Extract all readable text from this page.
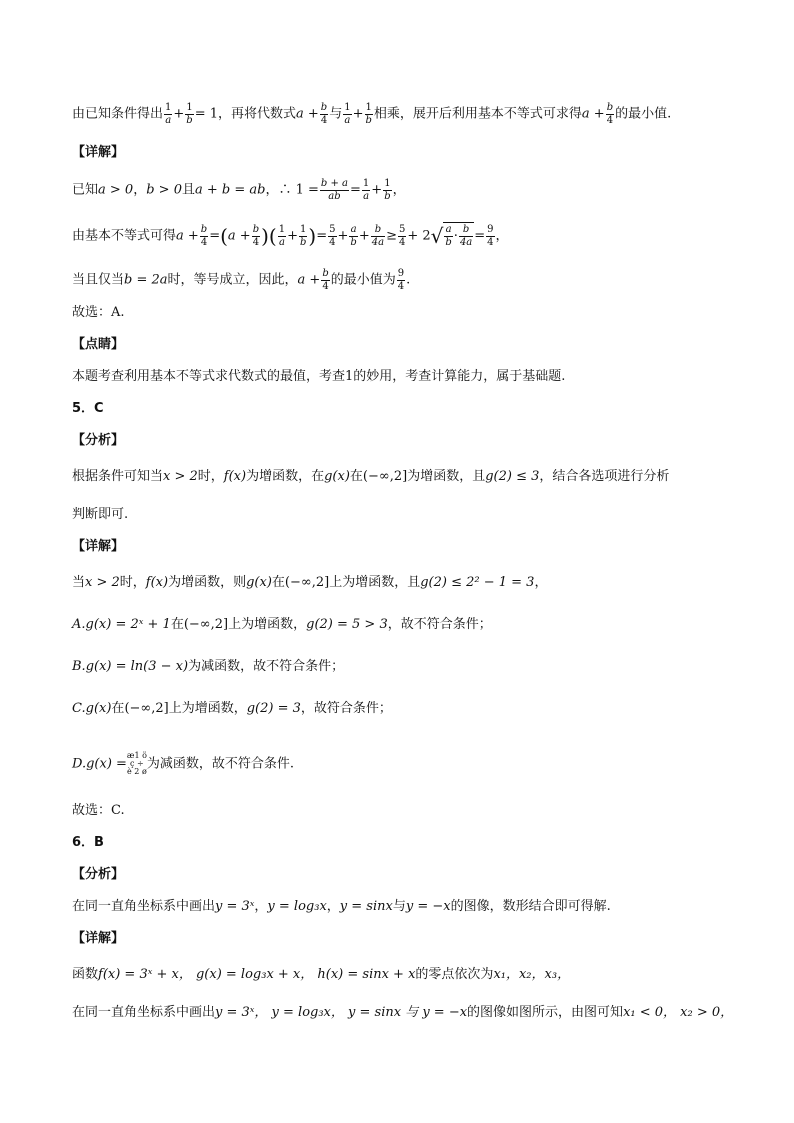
由已知条件得出 $\frac{1}{a} + \frac{1}{b} = 1$，再将代数式$a + \frac{b}{4}$ 与 $\frac{1}{a} + \frac{1}{b}$ 相乘，展开后利用基本不等式可求得$a + \frac{b}{4}$ 的最小值.
【详解】
已知a > 0，b > 0且a + b = ab，∴ $1 = \frac{b + a}{ab} = \frac{1}{a} + \frac{1}{b}$ ，
由基本不等式可得$a + \frac{b}{4} =(a + \frac{b}{4}$ )( $\frac{1}{a} + \frac{1}{b}$ )= $\frac{5}{4} + \frac{a}{b} + \frac{b}{4a} \ge \frac{5}{4} + 2√ \frac{a}{b} \cdot \frac{b}{4a} = \frac{9}{4}$ ，
当且仅当b = 2a时，等号成立，因此，$a + \frac{b}{4}$ 的最小值为 $\frac{9}{4}$ .
故选：A.
【点睛】
本题考查利用基本不等式求代数式的最值，考查1的妙用，考查计算能力，属于基础题.
5．C
【分析】
根据条件可知当x > 2时，f(x)为增函数，在g(x)在(−∞,2]为增函数，且g(2) ≤ 3，结合各选项进行分析
判断即可.
【详解】
当x > 2时，f(x)为增函数，则g(x)在(−∞,2]上为增函数，且g(2) ≤ 2² − 1 = 3，
A.g(x) = 2ˣ + 1在(−∞,2]上为增函数，g(2) = 5 > 3，故不符合条件；
B.g(x) = ln(3 − x)为减函数，故不符合条件；
C.g(x)在(−∞,2]上为增函数，g(2) = 3，故符合条件；
D.g(x) =
æ1 ö
ç ÷
è 2 ø 为减函数，故不符合条件.
故选：C.
6．B
【分析】
在同一直角坐标系中画出y = 3ˣ，y = log₃x，y = sinx与y = −x的图像，数形结合即可得解.
【详解】
函数f(x) = 3ˣ + x， g(x) = log₃x + x， h(x) = sinx + x的零点依次为x₁，x₂，x₃，
在同一直角坐标系中画出y = 3ˣ， y = log₃x， y = sinx 与 y = −x的图像如图所示，由图可知x₁ < 0， x₂ > 0，
